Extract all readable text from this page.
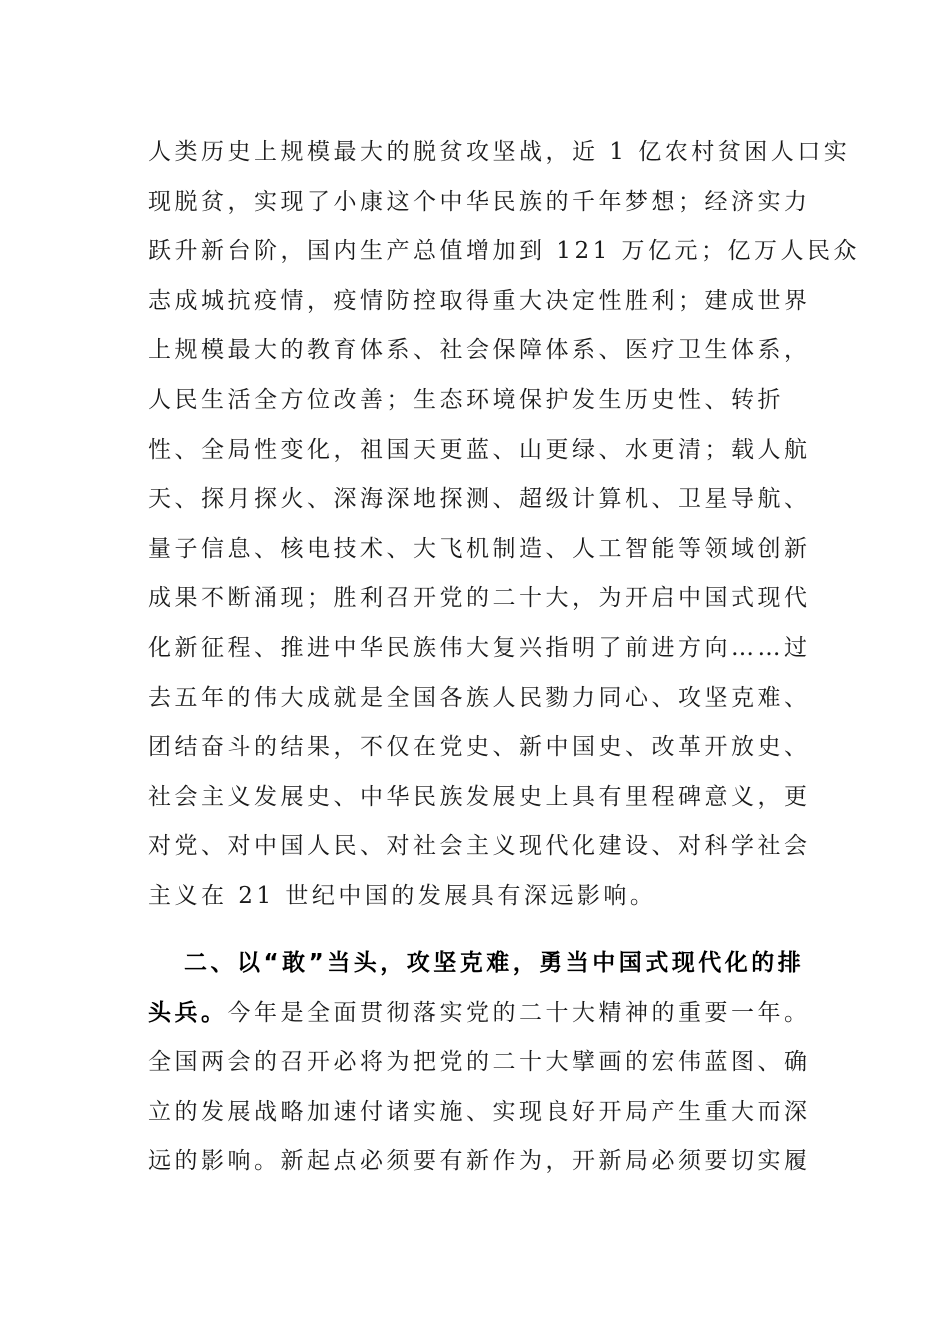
人类历史上规模最大的脱贫攻坚战，近 1 亿农村贫困人口实
现脱贫，实现了小康这个中华民族的千年梦想；经济实力
跃升新台阶，国内生产总值增加到 121 万亿元；亿万人民众
志成城抗疫情，疫情防控取得重大决定性胜利；建成世界
上规模最大的教育体系、社会保障体系、医疗卫生体系，
人民生活全方位改善；生态环境保护发生历史性、转折
性、全局性变化，祖国天更蓝、山更绿、水更清；载人航
天、探月探火、深海深地探测、超级计算机、卫星导航、
量子信息、核电技术、大飞机制造、人工智能等领域创新
成果不断涌现；胜利召开党的二十大，为开启中国式现代
化新征程、推进中华民族伟大复兴指明了前进方向……过
去五年的伟大成就是全国各族人民勠力同心、攻坚克难、
团结奋斗的结果，不仅在党史、新中国史、改革开放史、
社会主义发展史、中华民族发展史上具有里程碑意义，更
对党、对中国人民、对社会主义现代化建设、对科学社会
主义在 21 世纪中国的发展具有深远影响。
二、以“敢”当头，攻坚克难，勇当中国式现代化的排
头兵。今年是全面贯彻落实党的二十大精神的重要一年。
全国两会的召开必将为把党的二十大擘画的宏伟蓝图、确
立的发展战略加速付诸实施、实现良好开局产生重大而深
远的影响。新起点必须要有新作为，开新局必须要切实履
